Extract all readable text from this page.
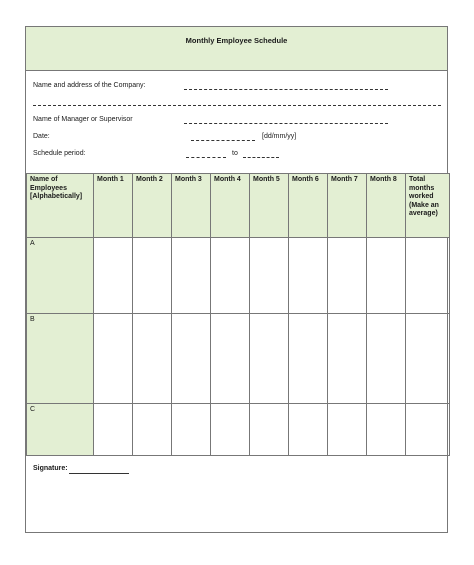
Monthly Employee Schedule
Name and address of the Company:
Name of Manager or Supervisor
Date:	[dd/mm/yy]
Schedule period:	to
Name of Employees [Alphabetically]	Month 1	Month 2	Month 3	Month 4	Month 5	Month 6	Month 7	Month 8	Total months worked (Make an average)
A									
B									
C									
Signature:
